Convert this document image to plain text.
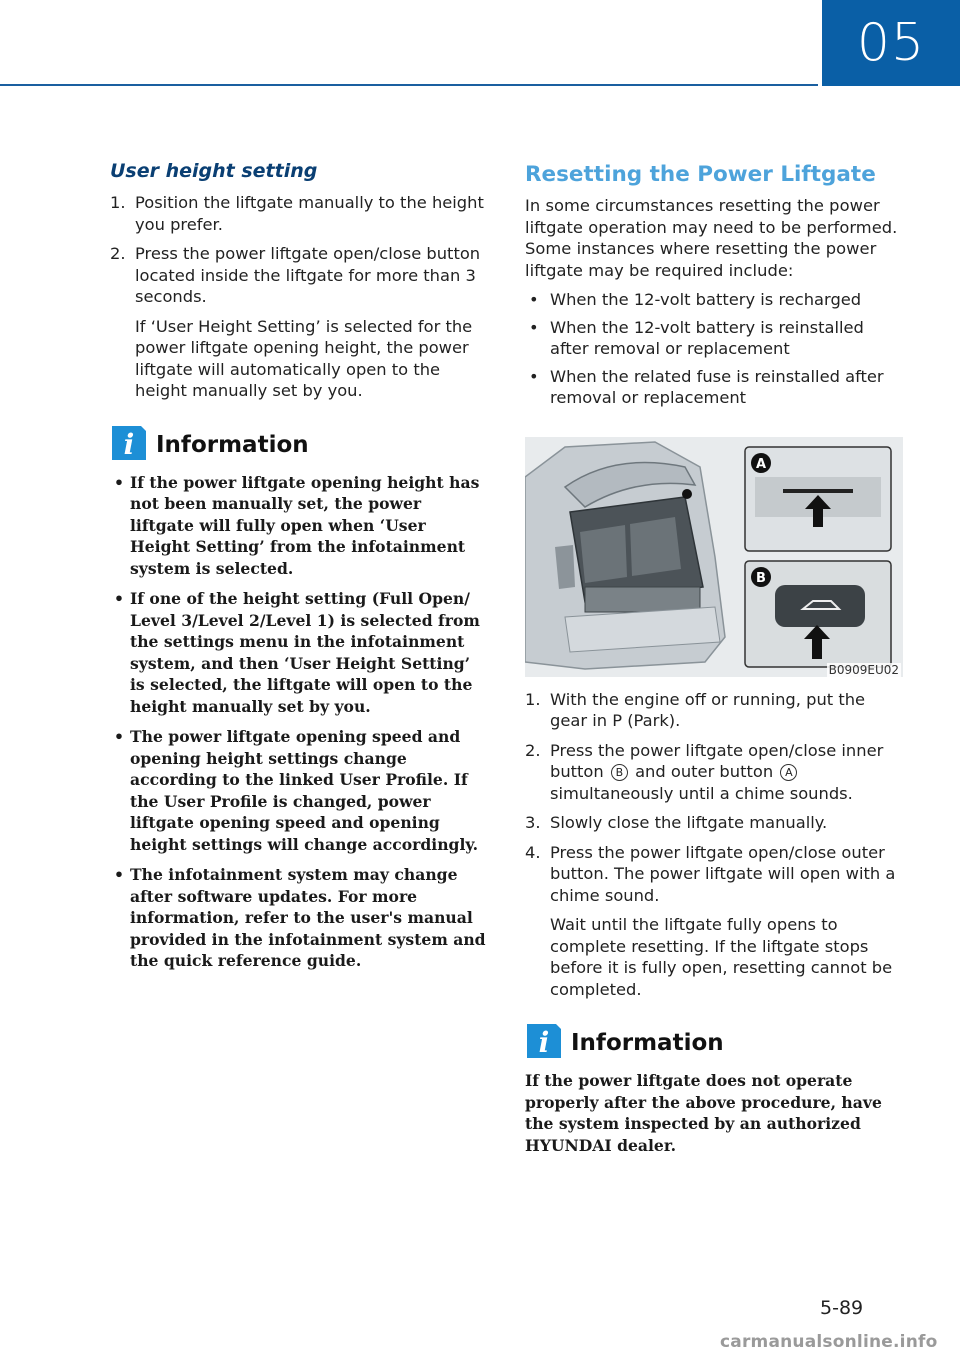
05
User height setting
1. Position the liftgate manually to the height you prefer.
2. Press the power liftgate open/close button located inside the liftgate for more than 3 seconds.
If ‘User Height Setting’ is selected for the power liftgate opening height, the power liftgate will automatically open to the height manually set by you.
i Information
• If the power liftgate opening height has not been manually set, the power liftgate will fully open when ‘User Height Setting’ from the infotainment system is selected.
• If one of the height setting (Full Open/ Level 3/Level 2/Level 1) is selected from the settings menu in the infotainment system, and then ‘User Height Setting’ is selected, the liftgate will open to the height manually set by you.
• The power liftgate opening speed and opening height settings change according to the linked User Profile. If the User Profile is changed, power liftgate opening speed and opening height settings will change accordingly.
• The infotainment system may change after software updates. For more information, refer to the user's manual provided in the infotainment system and the quick reference guide.
Resetting the Power Liftgate
In some circumstances resetting the power liftgate operation may need to be performed. Some instances where resetting the power liftgate may be required include:
• When the 12-volt battery is recharged
• When the 12-volt battery is reinstalled after removal or replacement
• When the related fuse is reinstalled after removal or replacement
A
B
B0909EU02
1. With the engine off or running, put the gear in P (Park).
2. Press the power liftgate open/close inner button B and outer button A simultaneously until a chime sounds.
3. Slowly close the liftgate manually.
4. Press the power liftgate open/close outer button. The power liftgate will open with a chime sound.
Wait until the liftgate fully opens to complete resetting. If the liftgate stops before it is fully open, resetting cannot be completed.
i Information
If the power liftgate does not operate properly after the above procedure, have the system inspected by an authorized HYUNDAI dealer.
5-89
carmanualsonline.info
